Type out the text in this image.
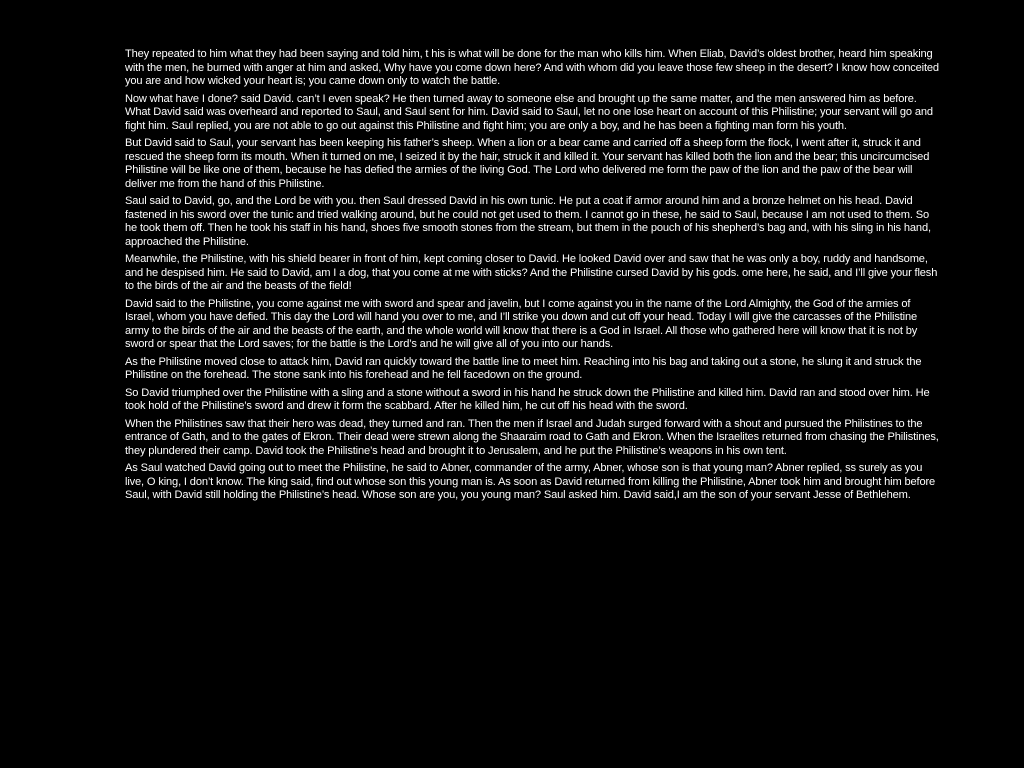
They repeated to him what they had been saying and told him, t his is what will be done for the man who kills him. When Eliab, David’s oldest brother, heard him speaking with the men, he burned with anger at him and asked, Why have you come down here? And with whom did you leave those few sheep in the desert? I know how conceited you are and how wicked your heart is; you came down only to watch the battle.

Now what have I done? said David. can’t I even speak? He then turned away to someone else and brought up the same matter, and the men answered him as before. What David said was overheard and reported to Saul, and Saul sent for him. David said to Saul, let no one lose heart on account of this Philistine; your servant will go and fight him. Saul replied, you are not able to go out against this Philistine and fight him; you are only a boy, and he has been a fighting man form his youth.

But David said to Saul, your servant has been keeping his father’s sheep. When a lion or a bear came and carried off a sheep form the flock, I went after it, struck it and rescued the sheep form its mouth. When it turned on me, I seized it by the hair, struck it and killed it. Your servant has killed both the lion and the bear; this uncircumcised Philistine will be like one of them, because he has defied the armies of the living God. The Lord who delivered me form the paw of the lion and the paw of the bear will deliver me from the hand of this Philistine.

Saul said to David, go, and the Lord be with you. then Saul dressed David in his own tunic. He put a coat if armor around him and a bronze helmet on his head. David fastened in his sword over the tunic and tried walking around, but he could not get used to them. I cannot go in these, he said to Saul, because I am not used to them. So he took them off. Then he took his staff in his hand, shoes five smooth stones from the stream, but them in the pouch of his shepherd’s bag and, with his sling in his hand, approached the Philistine.

Meanwhile, the Philistine, with his shield bearer in front of him, kept coming closer to David. He looked David over and saw that he was only a boy, ruddy and handsome, and he despised him. He said to David, am I a dog, that you come at me with sticks? And the Philistine cursed David by his gods. ome here, he said, and I’ll give your flesh to the birds of the air and the beasts of the field!

David said to the Philistine, you come against me with sword and spear and javelin, but I come against you in the name of the Lord Almighty, the God of the armies of Israel, whom you have defied. This day the Lord will hand you over to me, and I’ll strike you down and cut off your head. Today I will give the carcasses of the Philistine army to the birds of the air and the beasts of the earth, and the whole world will know that there is a God in Israel. All those who gathered here will know that it is not by sword or spear that the Lord saves; for the battle is the Lord’s and he will give all of you into our hands.

As the Philistine moved close to attack him, David ran quickly toward the battle line to meet him. Reaching into his bag and taking out a stone, he slung it and struck the Philistine on the forehead. The stone sank into his forehead and he fell facedown on the ground.

So David triumphed over the Philistine with a sling and a stone without a sword in his hand he struck down the Philistine and killed him. David ran and stood over him. He took hold of the Philistine’s sword and drew it form the scabbard. After he killed him, he cut off his head with the sword.

When the Philistines saw that their hero was dead, they turned and ran. Then the men if Israel and Judah surged forward with a shout and pursued the Philistines to the entrance of Gath, and to the gates of Ekron. Their dead were strewn along the Shaaraim road to Gath and Ekron. When the Israelites returned from chasing the Philistines, they plundered their camp. David took the Philistine’s head and brought it to Jerusalem, and he put the Philistine’s weapons in his own tent.

As Saul watched David going out to meet the Philistine, he said to Abner, commander of the army, Abner, whose son is that young man? Abner replied, ss surely as you live, O king, I don’t know. The king said, find out whose son this young man is. As soon as David returned from killing the Philistine, Abner took him and brought him before Saul, with David still holding the Philistine’s head. Whose son are you, you young man? Saul asked him. David said,I am the son of your servant Jesse of Bethlehem.
